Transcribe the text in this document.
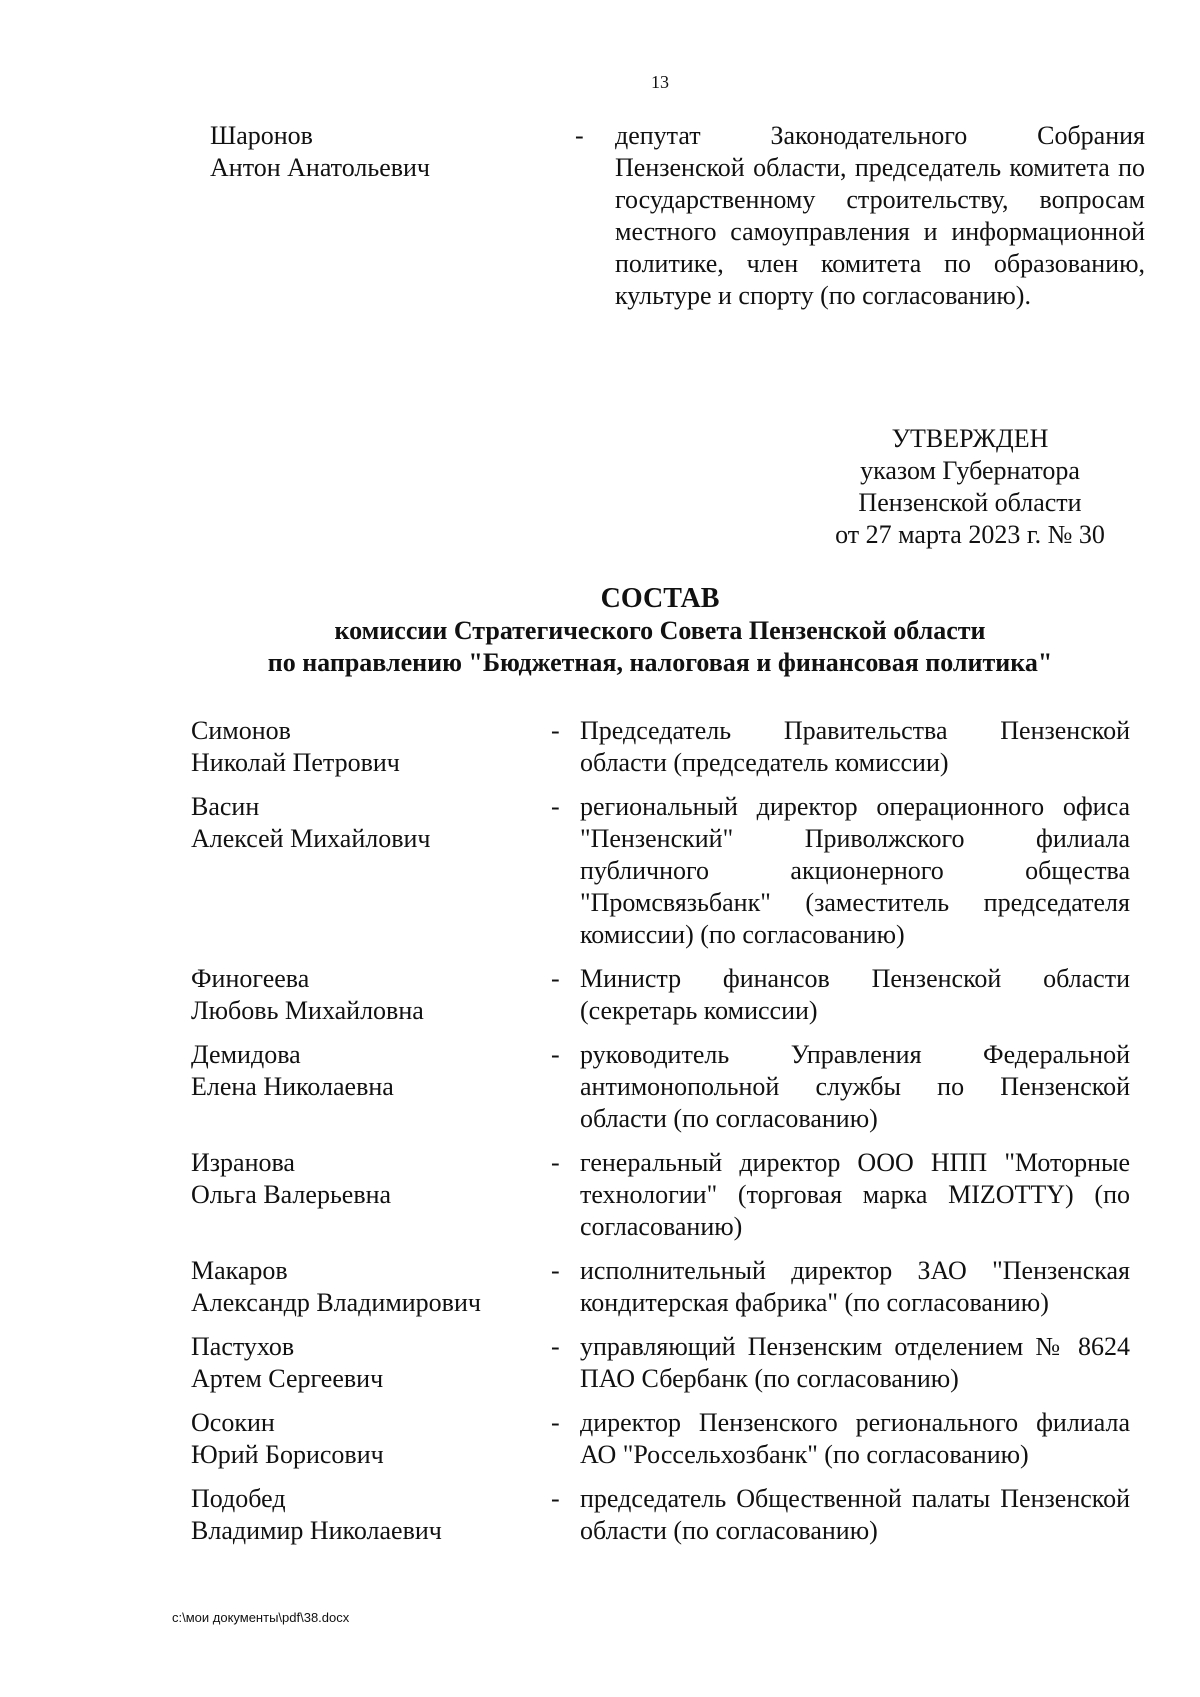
13
Шаронов
Антон Анатольевич
-	депутат Законодательного Собрания Пензенской области, председатель комитета по государственному строительству, вопросам местного самоуправления и информационной политике, член комитета по образованию, культуре и спорту (по согласованию).
УТВЕРЖДЕН
указом Губернатора
Пензенской области
от 27 марта 2023 г. № 30
СОСТАВ
комиссии Стратегического Совета Пензенской области
по направлению "Бюджетная, налоговая и финансовая политика"
Симонов
Николай Петрович
- Председатель Правительства Пензенской области (председатель комиссии)
Васин
Алексей Михайлович
- региональный директор операционного офиса "Пензенский" Приволжского филиала публичного акционерного общества "Промсвязьбанк" (заместитель председателя комиссии) (по согласованию)
Финогеева
Любовь Михайловна
- Министр финансов Пензенской области (секретарь комиссии)
Демидова
Елена Николаевна
- руководитель Управления Федеральной антимонопольной службы по Пензенской области (по согласованию)
Изранова
Ольга Валерьевна
- генеральный директор ООО НПП "Моторные технологии" (торговая марка MIZOTTY) (по согласованию)
Макаров
Александр Владимирович
- исполнительный директор ЗАО "Пензенская кондитерская фабрика" (по согласованию)
Пастухов
Артем Сергеевич
- управляющий Пензенским отделением № 8624 ПАО Сбербанк (по согласованию)
Осокин
Юрий Борисович
- директор Пензенского регионального филиала АО "Россельхозбанк" (по согласованию)
Подобед
Владимир Николаевич
- председатель Общественной палаты Пензенской области (по согласованию)
c:\мои документы\pdf\38.docx
